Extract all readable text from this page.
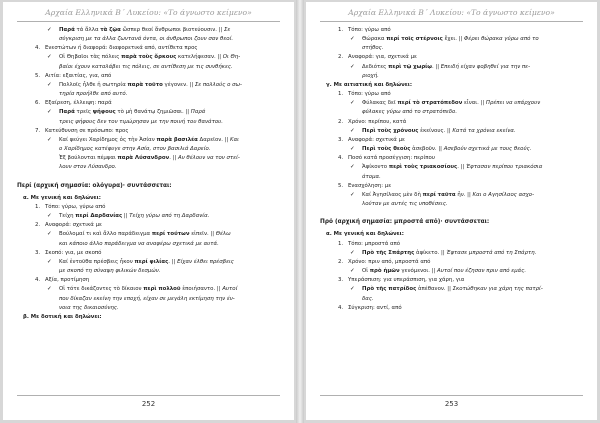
Αρχαία Ελληνικά Β΄ Λυκείου: «Το άγνωστο κείμενο»
✓ Παρά τά ἄλλα τὰ ζῷα ὥσπερ θεοί ἄνθρωποι βιοτεύουσιν. || Σε
σύγκριση με τα άλλα ζωντανά όντα, οι άνθρωποι ζουν σαν θεοί.
4. Ενεστώτων ή διαφορά: διαφορετικά από, αντίθετα προς
✓ Οἱ Θηβαῖοι τὰς πόλεις παρὰ τοὺς ὅρκους κατελήφεσαν. || Οι Θη-
βαίοι έχουν καταλάβει τις πόλεις, σε αντίθεση με τις συνθήκες.
5. Αιτία: εξαιτίας, για, από
✓ Πολλοῖς ἦλθε ἡ σωτηρία παρὰ τοῦτο γέγονεν. || Σε πολλούς ο σω-
τηρία προήλθε από αυτό.
6. Εξαίρεση, έλλειψη: παρά
✓ Παρά τρεῖς ψήφους τὸ μὴ θανάτῳ ζημιῶσαι. || Παρά
τρεις ψήφους δεν τον τιμώρησαν με την ποινή του θανάτου.
7. Κατεύθυνση σε πρόσωπο: προς
✓ Καί φεύγει Χαρίδημος ὁς τὴν Ἀσίαν παρὰ βασιλέα Δαρεῖον. || Και
ο Χαρίδημος κατέφυγε στην Ασία, στον βασιλιά Δαρείο.
Ἐξ βούλονται πέμψαι παρὰ Λύσανδρον. || Αν θέλουν να τον στεί-
λουν στον Λύσανδρο.
Περί (αρχική σημασία: ολόγυρα)· συντάσσεται:
α. Με γενική και δηλώνει:
1. Τόπο: γύρω, γύρω από
✓ Τείχη περί Δαρδανίας || Τείχη γύρω από τη Δαρδανία.
2. Αναφορά: σχετικά με
✓ Βούλομαί τι καὶ ἄλλο παράδειγμα περί τούτων εἰπεῖν. || Θέλω
και κάποιο άλλο παράδειγμα να αναφέρω σχετικά με αυτά.
3. Σκοπό: για, με σκοπό
✓ Καί ἐντοῦθα πρέσβεις ἦκον περί φιλίας. || Είχαν έλθει πρέσβεις
με σκοπό τη σύναψη φιλικών δεσμών.
4. Αξία, προτίμηση
✓ Οἱ τότε δικάζοντες τὸ δίκαιον περὶ πολλοῦ ἐποιήσαντο. || Αυτοί
που δίκαζαν εκείνη την εποχή, είχαν σε μεγάλη εκτίμηση την έν-
νοια της δικαιοσύνης.
β. Με δοτική και δηλώνει:
252
Αρχαία Ελληνικά Β΄ Λυκείου: «Το άγνωστο κείμενο»
1. Τόπο: γύρω από
✓ Θώρακα περί τοῖς στέρνοις ἔχει. || Φέρει θώρακα γύρω από το
στήθος.
2. Αναφορά: για, σχετικά με
✓ Δεδιότες περὶ τῷ χωρίῳ. || Επειδή είχαν φοβηθεί για την πε-
ριοχή.
γ. Με αιτιατική και δηλώνει:
1. Τόπο: γύρω από
✓ Φύλακας δεῖ περί τὸ στρατόπεδον εἶναι. || Πρέπει να υπάρχουν
φύλακες γύρω από το στρατόπεδο.
2. Χρόνο: περίπου, κατά
✓ Περὶ τοὺς χρόνους ἐκείνους. || Κατά τα χρόνια εκείνα.
3. Αναφορά: σχετικά με
✓ Περὶ τοὺς θεοὺς ἀσεβοῦν. || Ασεβούν σχετικά με τους θεούς.
4. Ποσό κατά προσέγγιση: περίπου
✓ Ἀφίκοντο περὶ τοὺς τριακοσίους. || Έφτασαν περίπου τριακόσια
άτομα.
5. Ενασχόληση: με
✓ Καί Ἀγησίλαος μὲν δὴ περί ταῦτα ἦν. || Και ο Αγησίλαος ασχο-
λούταν με αυτές τις υποθέσεις.
Πρό (αρχική σημασία: μπροστά από)· συντάσσεται:
α. Με γενική και δηλώνει:
1. Τόπο: μπροστά από
✓ Πρὸ τῆς Σπάρτης ἀφίκετο. || Έφτασε μπροστά από τη Σπάρτη.
2. Χρόνο: πριν από, μπροστά από
✓ Οἱ πρὸ ἡμῶν γενόμενοι. || Αυτοί που έζησαν πριν από εμάς.
3. Υπεράσπιση: για υπεράσπιση, για χάρη, για
✓ Πρὸ τῆς πατρίδος ἀπέθανον. || Σκοτώθηκαν για χάρη της πατρί-
δας.
4. Σύγκριση: αντί, από
253
